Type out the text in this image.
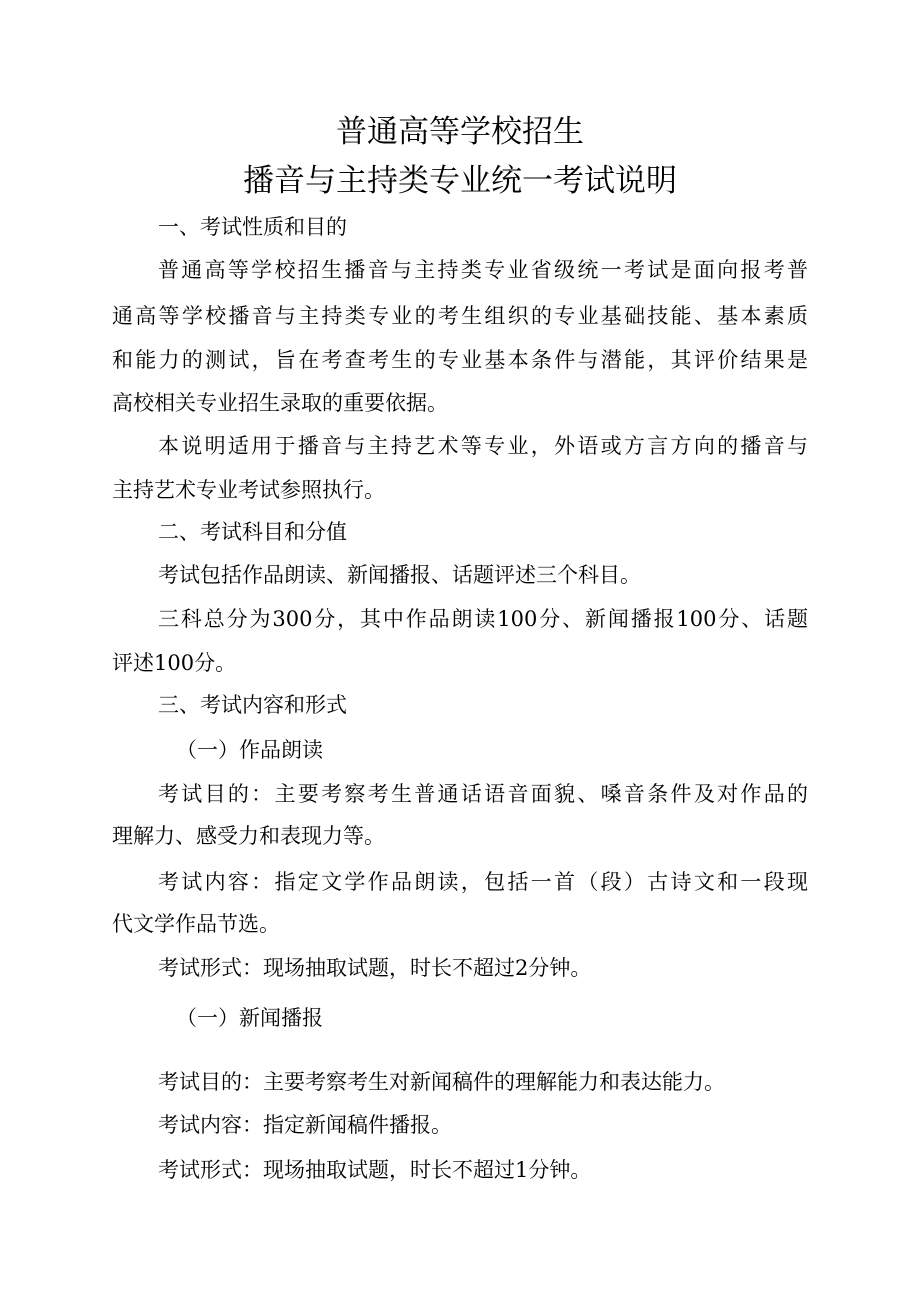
普通高等学校招生
播音与主持类专业统一考试说明
一、考试性质和目的
普通高等学校招生播音与主持类专业省级统一考试是面向报考普
通高等学校播音与主持类专业的考生组织的专业基础技能、基本素质
和能力的测试，旨在考查考生的专业基本条件与潜能，其评价结果是
高校相关专业招生录取的重要依据。
本说明适用于播音与主持艺术等专业，外语或方言方向的播音与
主持艺术专业考试参照执行。
二、考试科目和分值
考试包括作品朗读、新闻播报、话题评述三个科目。
三科总分为300分，其中作品朗读100分、新闻播报100分、话题
评述100分。
三、考试内容和形式
（一）作品朗读
考试目的：主要考察考生普通话语音面貌、嗓音条件及对作品的
理解力、感受力和表现力等。
考试内容：指定文学作品朗读，包括一首（段）古诗文和一段现
代文学作品节选。
考试形式：现场抽取试题，时长不超过2分钟。
（一）新闻播报
考试目的：主要考察考生对新闻稿件的理解能力和表达能力。
考试内容：指定新闻稿件播报。
考试形式：现场抽取试题，时长不超过1分钟。
